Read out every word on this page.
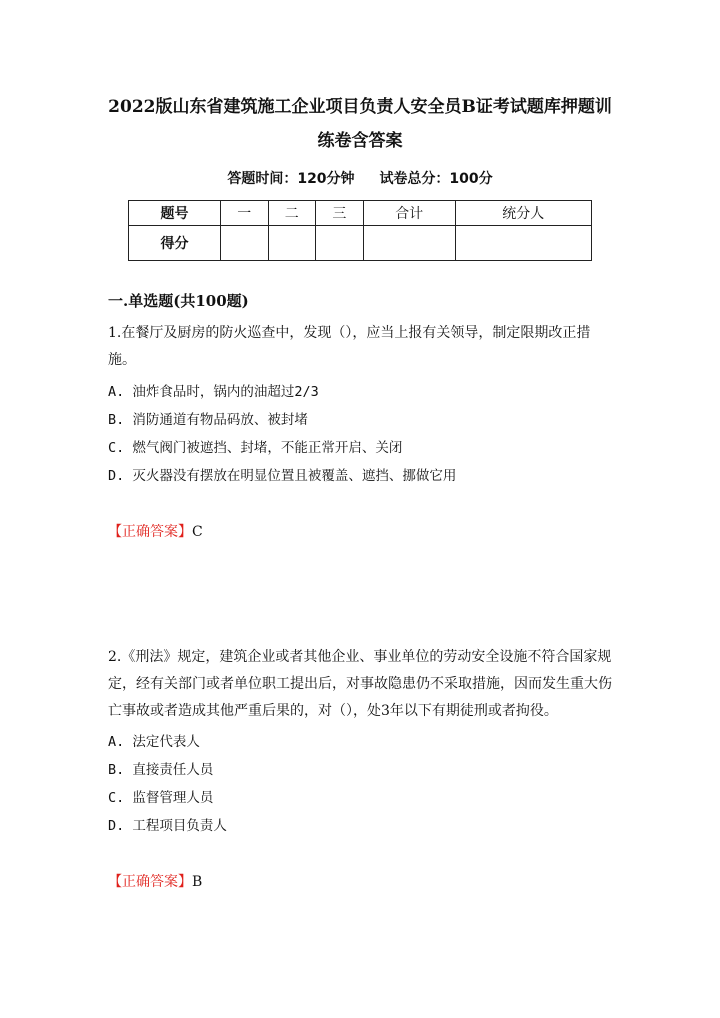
2022版山东省建筑施工企业项目负责人安全员B证考试题库押题训
练卷含答案
答题时间：120分钟 试卷总分：100分
题号	一	二	三	合计	统分人
得分					
一.单选题(共100题)

1.在餐厅及厨房的防火巡查中，发现（），应当上报有关领导，制定限期改正措施。

A. 油炸食品时，锅内的油超过2/3
B. 消防通道有物品码放、被封堵
C. 燃气阀门被遮挡、封堵，不能正常开启、关闭
D. 灭火器没有摆放在明显位置且被覆盖、遮挡、挪做它用
【正确答案】C

2.《刑法》规定，建筑企业或者其他企业、事业单位的劳动安全设施不符合国家规定，经有关部门或者单位职工提出后，对事故隐患仍不采取措施，因而发生重大伤亡事故或者造成其他严重后果的，对（），处3年以下有期徒刑或者拘役。

A. 法定代表人
B. 直接责任人员
C. 监督管理人员
D. 工程项目负责人
【正确答案】B
